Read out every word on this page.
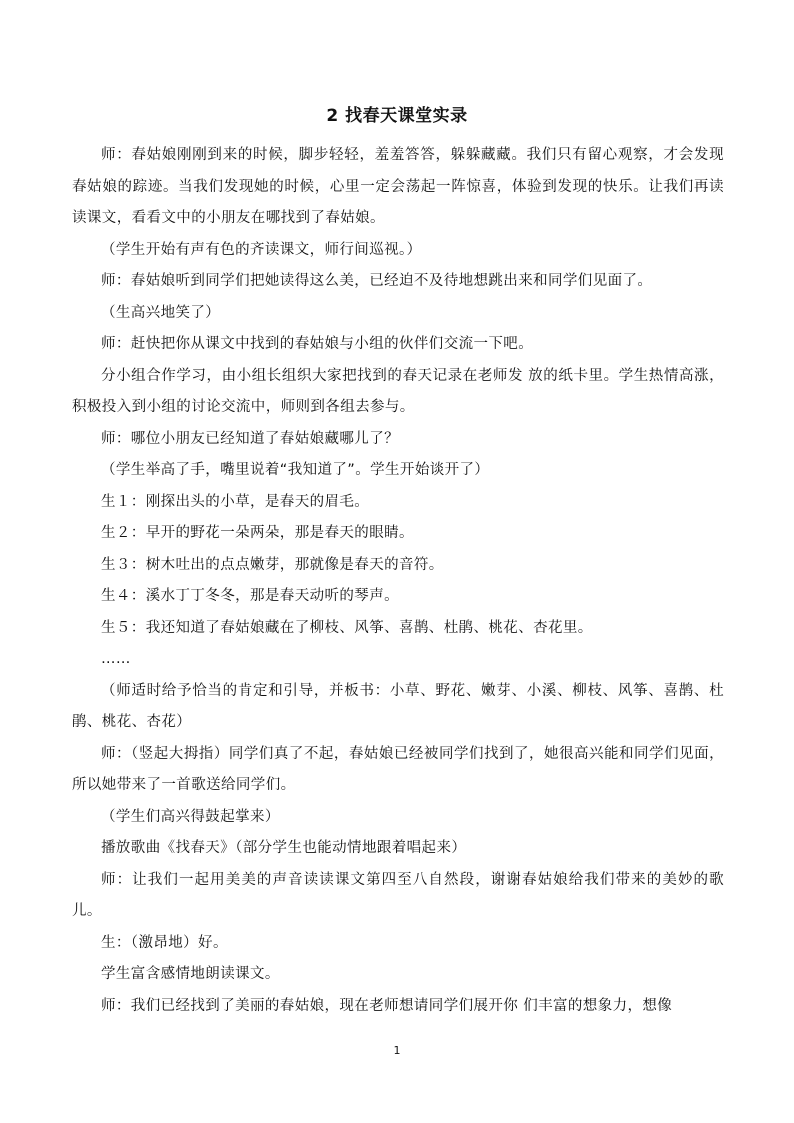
2 找春天课堂实录

师：春姑娘刚刚到来的时候，脚步轻轻，羞羞答答，躲躲藏藏。我们只有留心观察，才会发现春姑娘的踪迹。当我们发现她的时候，心里一定会荡起一阵惊喜，体验到发现的快乐。让我们再读读课文，看看文中的小朋友在哪找到了春姑娘。

（学生开始有声有色的齐读课文，师行间巡视。）

师：春姑娘听到同学们把她读得这么美，已经迫不及待地想跳出来和同学们见面了。

（生高兴地笑了）

师：赶快把你从课文中找到的春姑娘与小组的伙伴们交流一下吧。

分小组合作学习，由小组长组织大家把找到的春天记录在老师发 放的纸卡里。学生热情高涨，积极投入到小组的讨论交流中，师则到各组去参与。

师：哪位小朋友已经知道了春姑娘藏哪儿了？

（学生举高了手，嘴里说着“我知道了”。学生开始谈开了）

生１：刚探出头的小草，是春天的眉毛。

生２：早开的野花一朵两朵，那是春天的眼睛。

生３：树木吐出的点点嫩芽，那就像是春天的音符。

生４：溪水丁丁冬冬，那是春天动听的琴声。

生５：我还知道了春姑娘藏在了柳枝、风筝、喜鹊、杜鹃、桃花、杏花里。

……

（师适时给予恰当的肯定和引导，并板书：小草、野花、嫩芽、小溪、柳枝、风筝、喜鹊、杜鹃、桃花、杏花）

师：（竖起大拇指）同学们真了不起，春姑娘已经被同学们找到了，她很高兴能和同学们见面，所以她带来了一首歌送给同学们。

（学生们高兴得鼓起掌来）

播放歌曲《找春天》（部分学生也能动情地跟着唱起来）

师：让我们一起用美美的声音读读课文第四至八自然段，谢谢春姑娘给我们带来的美妙的歌儿。

生：（激昂地）好。

学生富含感情地朗读课文。

师：我们已经找到了美丽的春姑娘，现在老师想请同学们展开你 们丰富的想象力，想像

1
